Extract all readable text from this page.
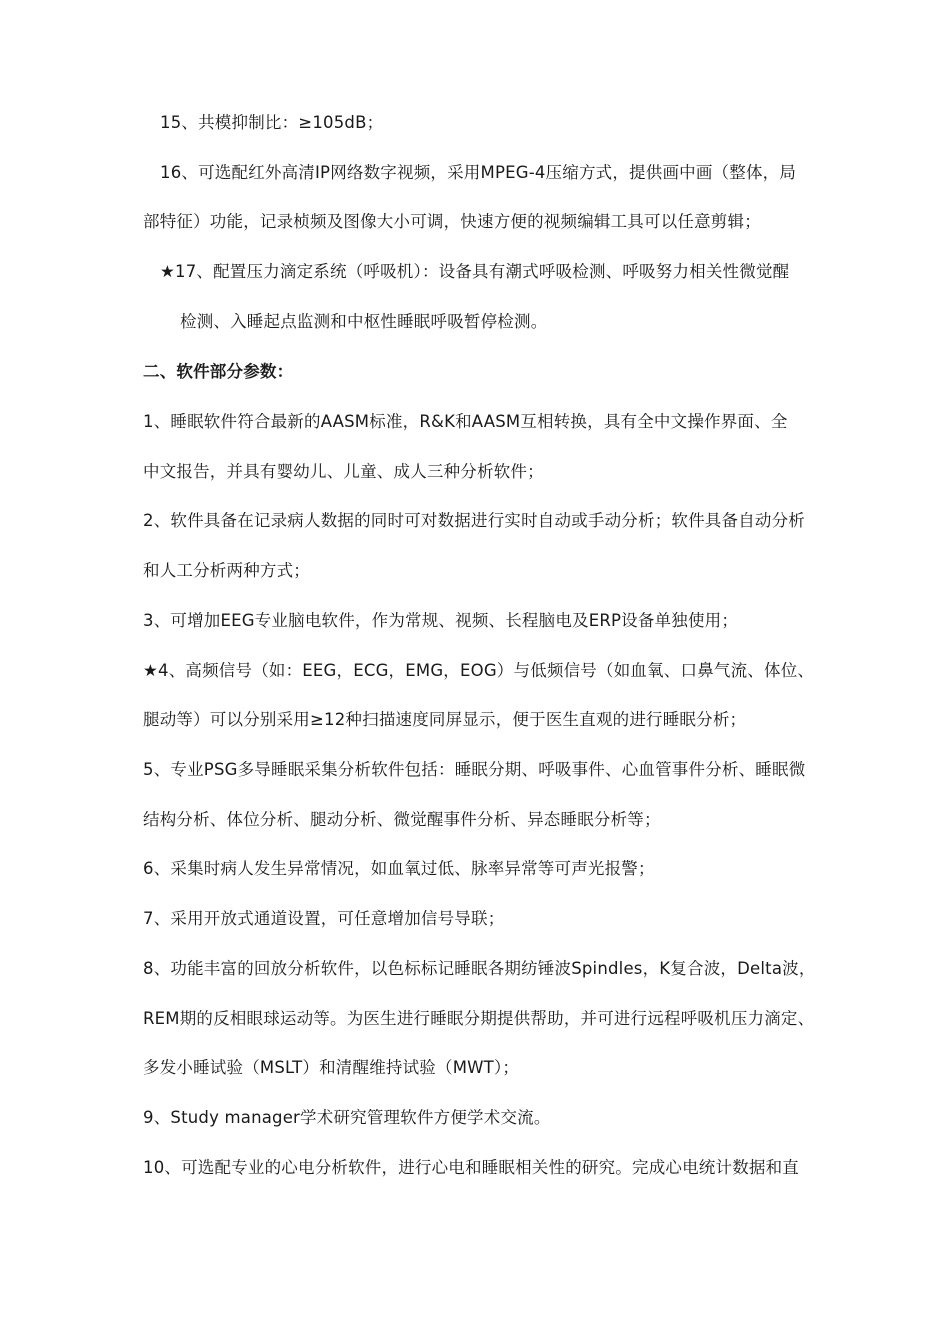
15、共模抑制比：≥105dB；
16、可选配红外高清IP网络数字视频，采用MPEG-4压缩方式，提供画中画（整体，局
部特征）功能，记录桢频及图像大小可调，快速方便的视频编辑工具可以任意剪辑；
★17、配置压力滴定系统（呼吸机）：设备具有潮式呼吸检测、呼吸努力相关性微觉醒
检测、入睡起点监测和中枢性睡眠呼吸暂停检测。
二、软件部分参数：
1、睡眠软件符合最新的AASM标准，R&K和AASM互相转换，具有全中文操作界面、全
中文报告，并具有婴幼儿、儿童、成人三种分析软件；
2、软件具备在记录病人数据的同时可对数据进行实时自动或手动分析；软件具备自动分析
和人工分析两种方式；
3、可增加EEG专业脑电软件，作为常规、视频、长程脑电及ERP设备单独使用；
★4、高频信号（如：EEG，ECG，EMG，EOG）与低频信号（如血氧、口鼻气流、体位、
腿动等）可以分别采用≥12种扫描速度同屏显示，便于医生直观的进行睡眠分析；
5、专业PSG多导睡眠采集分析软件包括：睡眠分期、呼吸事件、心血管事件分析、睡眠微
结构分析、体位分析、腿动分析、微觉醒事件分析、异态睡眠分析等；
6、采集时病人发生异常情况，如血氧过低、脉率异常等可声光报警；
7、采用开放式通道设置，可任意增加信号导联；
8、功能丰富的回放分析软件，以色标标记睡眠各期纺锤波Spindles，K复合波，Delta波，
REM期的反相眼球运动等。为医生进行睡眠分期提供帮助，并可进行远程呼吸机压力滴定、
多发小睡试验（MSLT）和清醒维持试验（MWT）；
9、Study manager学术研究管理软件方便学术交流。
10、可选配专业的心电分析软件，进行心电和睡眠相关性的研究。完成心电统计数据和直
